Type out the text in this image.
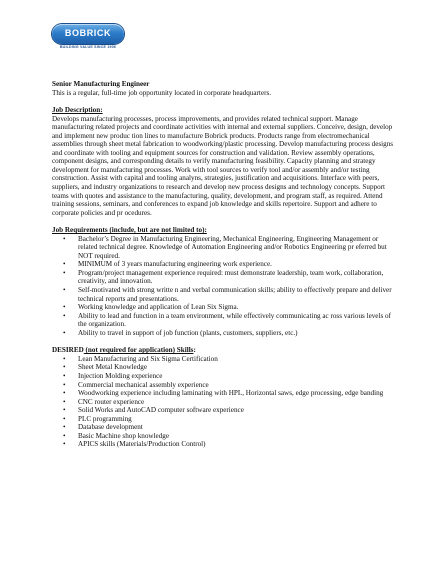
BOBRICK
BUILDING VALUE SINCE 1906
Senior Manufacturing Engineer
This is a regular, full-time job opportunity located in corporate headquarters.
Job Description:
Develops manufacturing processes, process improvements, and provides related technical support. Manage manufacturing related projects and coordinate activities with internal and external suppliers. Conceive, design, develop and implement new produc tion lines to manufacture Bobrick products. Products range from electromechanical assemblies through sheet metal fabrication to woodworking/plastic processing. Develop manufacturing process designs and coordinate with tooling and equipment sources for construction and validation. Review assembly operations, component designs, and corresponding details to verify manufacturing feasibility. Capacity planning and strategy development for manufacturing processes. Work with tool sources to verify tool and/or assembly and/or testing construction. Assist with capital and tooling analyns, strategies, justification and acquisitions. Interface with peers, suppliers, and industry organizations to research and develop new process designs and technology concepts. Support teams with quotes and assistance to the manufacturing, quality, development, and program staff, as required. Attend training sessions, seminars, and conferences to expand job knowledge and skills repertoire. Support and adhere to corporate policies and pr ocedures.
Job Requirements (include, but are not limited to):
• Bachelor’s Degree in Manufacturing Engineering, Mechanical Engineering, Engineering Management or related technical degree. Knowledge of Automation Engineering and/or Robotics Engineering pr eferred but NOT required.
• MINIMUM of 3 years manufacturing engineering work experience.
• Program/project management experience required: must demonstrate leadership, team work, collaboration, creativity, and innovation.
• Self-motivated with strong writte n and verbal communication skills; ability to effectively prepare and deliver technical reports and presentations.
• Working knowledge and application of Lean Six Sigma.
• Ability to lead and function in a team environment, while effectively communicating ac ross various levels of the organization.
• Ability to travel in support of job function (plants, customers, suppliers, etc.)
DESIRED (not required for application) Skills:
• Lean Manufacturing and Six Sigma Certification
• Sheet Metal Knowledge
• Injection Molding experience
• Commercial mechanical assembly experience
• Woodworking experience including laminating with HPL, Horizontal saws, edge processing, edge banding
• CNC router experience
• Solid Works and AutoCAD computer software experience
• PLC programming
• Database development
• Basic Machine shop knowledge
• APICS skills (Materials/Production Control)
